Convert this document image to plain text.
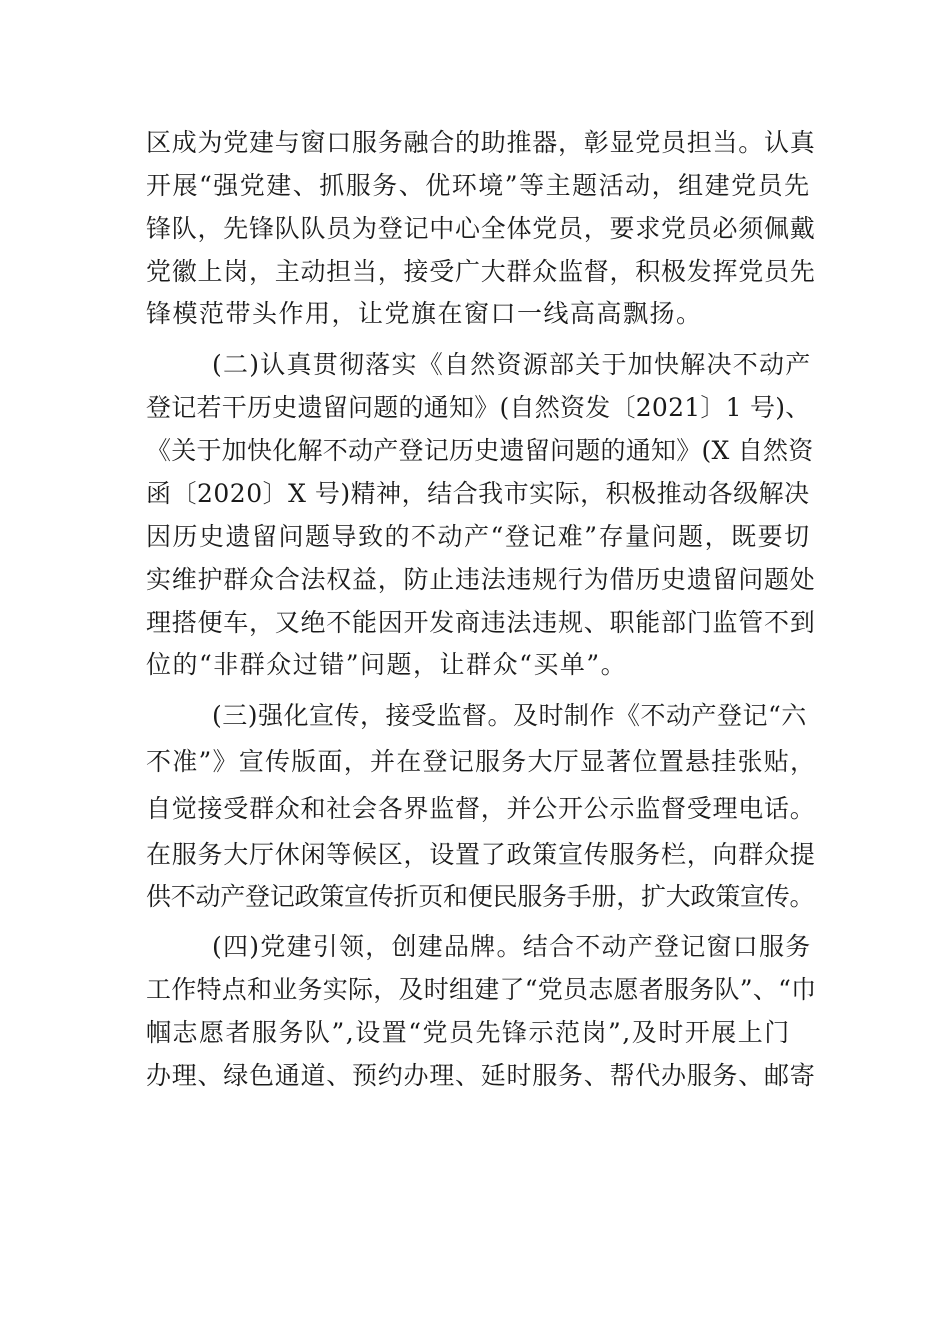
区成为党建与窗口服务融合的助推器，彰显党员担当。认真
开展“强党建、抓服务、优环境”等主题活动，组建党员先
锋队，先锋队队员为登记中心全体党员，要求党员必须佩戴
党徽上岗，主动担当，接受广大群众监督，积极发挥党员先
锋模范带头作用，让党旗在窗口一线高高飘扬。
(二)认真贯彻落实《自然资源部关于加快解决不动产
登记若干历史遗留问题的通知》(自然资发〔2021〕1 号)、
《关于加快化解不动产登记历史遗留问题的通知》(X 自然资
函〔2020〕X 号)精神，结合我市实际，积极推动各级解决
因历史遗留问题导致的不动产“登记难”存量问题，既要切
实维护群众合法权益，防止违法违规行为借历史遗留问题处
理搭便车，又绝不能因开发商违法违规、职能部门监管不到
位的“非群众过错”问题，让群众“买单”。
(三)强化宣传，接受监督。及时制作《不动产登记“六
不准”》宣传版面，并在登记服务大厅显著位置悬挂张贴，
自觉接受群众和社会各界监督，并公开公示监督受理电话。
在服务大厅休闲等候区，设置了政策宣传服务栏，向群众提
供不动产登记政策宣传折页和便民服务手册，扩大政策宣传。
(四)党建引领，创建品牌。结合不动产登记窗口服务
工作特点和业务实际，及时组建了“党员志愿者服务队”、“巾
帼志愿者服务队”,设置“党员先锋示范岗”,及时开展上门
办理、绿色通道、预约办理、延时服务、帮代办服务、邮寄
